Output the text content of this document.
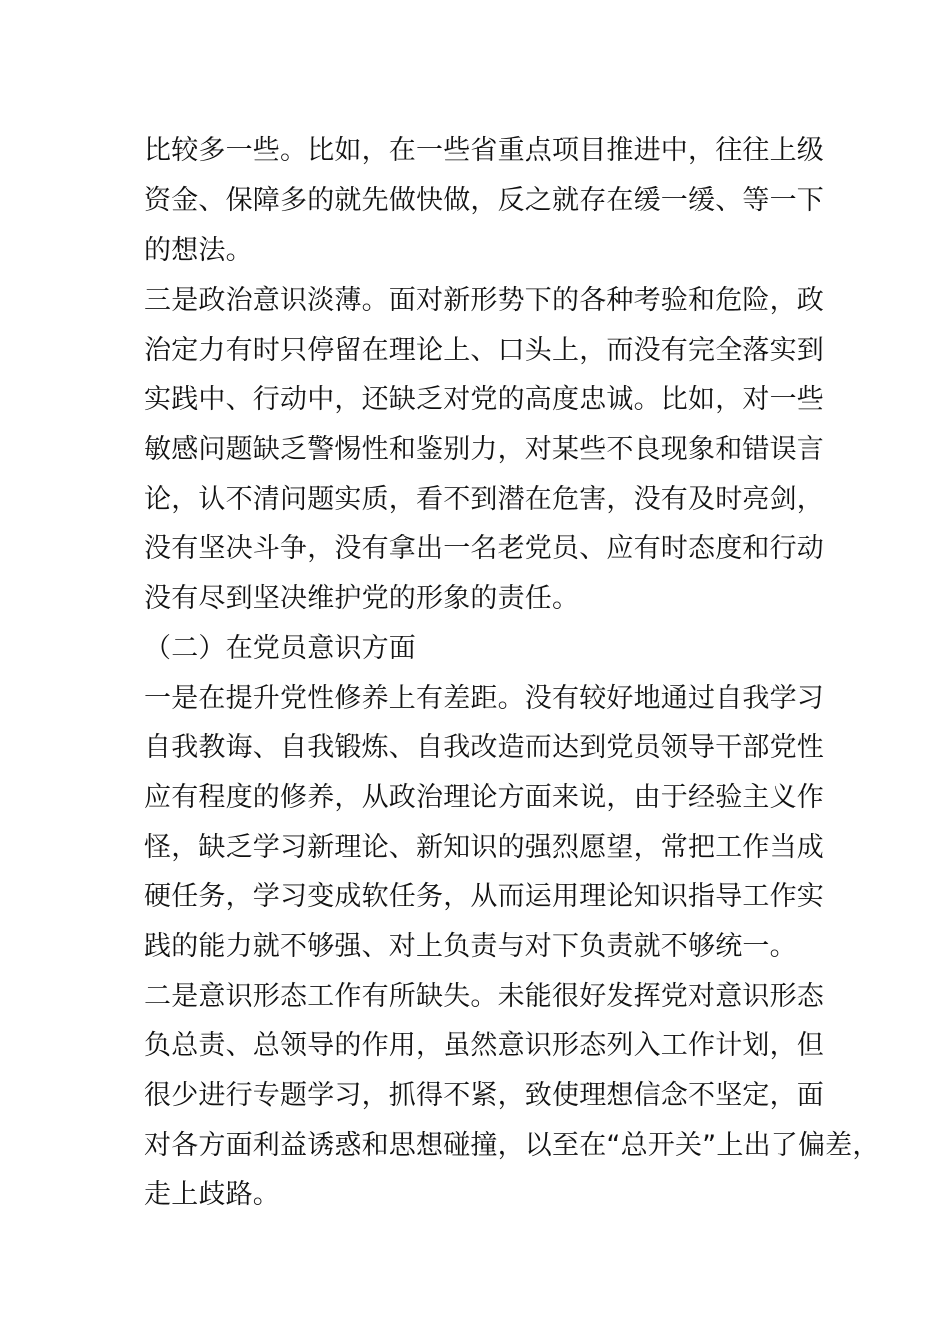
比较多一些。比如，在一些省重点项目推进中，往往上级
资金、保障多的就先做快做，反之就存在缓一缓、等一下
的想法。
三是政治意识淡薄。面对新形势下的各种考验和危险，政
治定力有时只停留在理论上、口头上，而没有完全落实到
实践中、行动中，还缺乏对党的高度忠诚。比如，对一些
敏感问题缺乏警惕性和鉴别力，对某些不良现象和错误言
论，认不清问题实质，看不到潜在危害，没有及时亮剑，
没有坚决斗争，没有拿出一名老党员、应有时态度和行动
没有尽到坚决维护党的形象的责任。
（二）在党员意识方面
一是在提升党性修养上有差距。没有较好地通过自我学习
自我教诲、自我锻炼、自我改造而达到党员领导干部党性
应有程度的修养，从政治理论方面来说，由于经验主义作
怪，缺乏学习新理论、新知识的强烈愿望，常把工作当成
硬任务，学习变成软任务，从而运用理论知识指导工作实
践的能力就不够强、对上负责与对下负责就不够统一。
二是意识形态工作有所缺失。未能很好发挥党对意识形态
负总责、总领导的作用，虽然意识形态列入工作计划，但
很少进行专题学习，抓得不紧，致使理想信念不坚定，面
对各方面利益诱惑和思想碰撞，以至在“总开关”上出了偏差，
走上歧路。
